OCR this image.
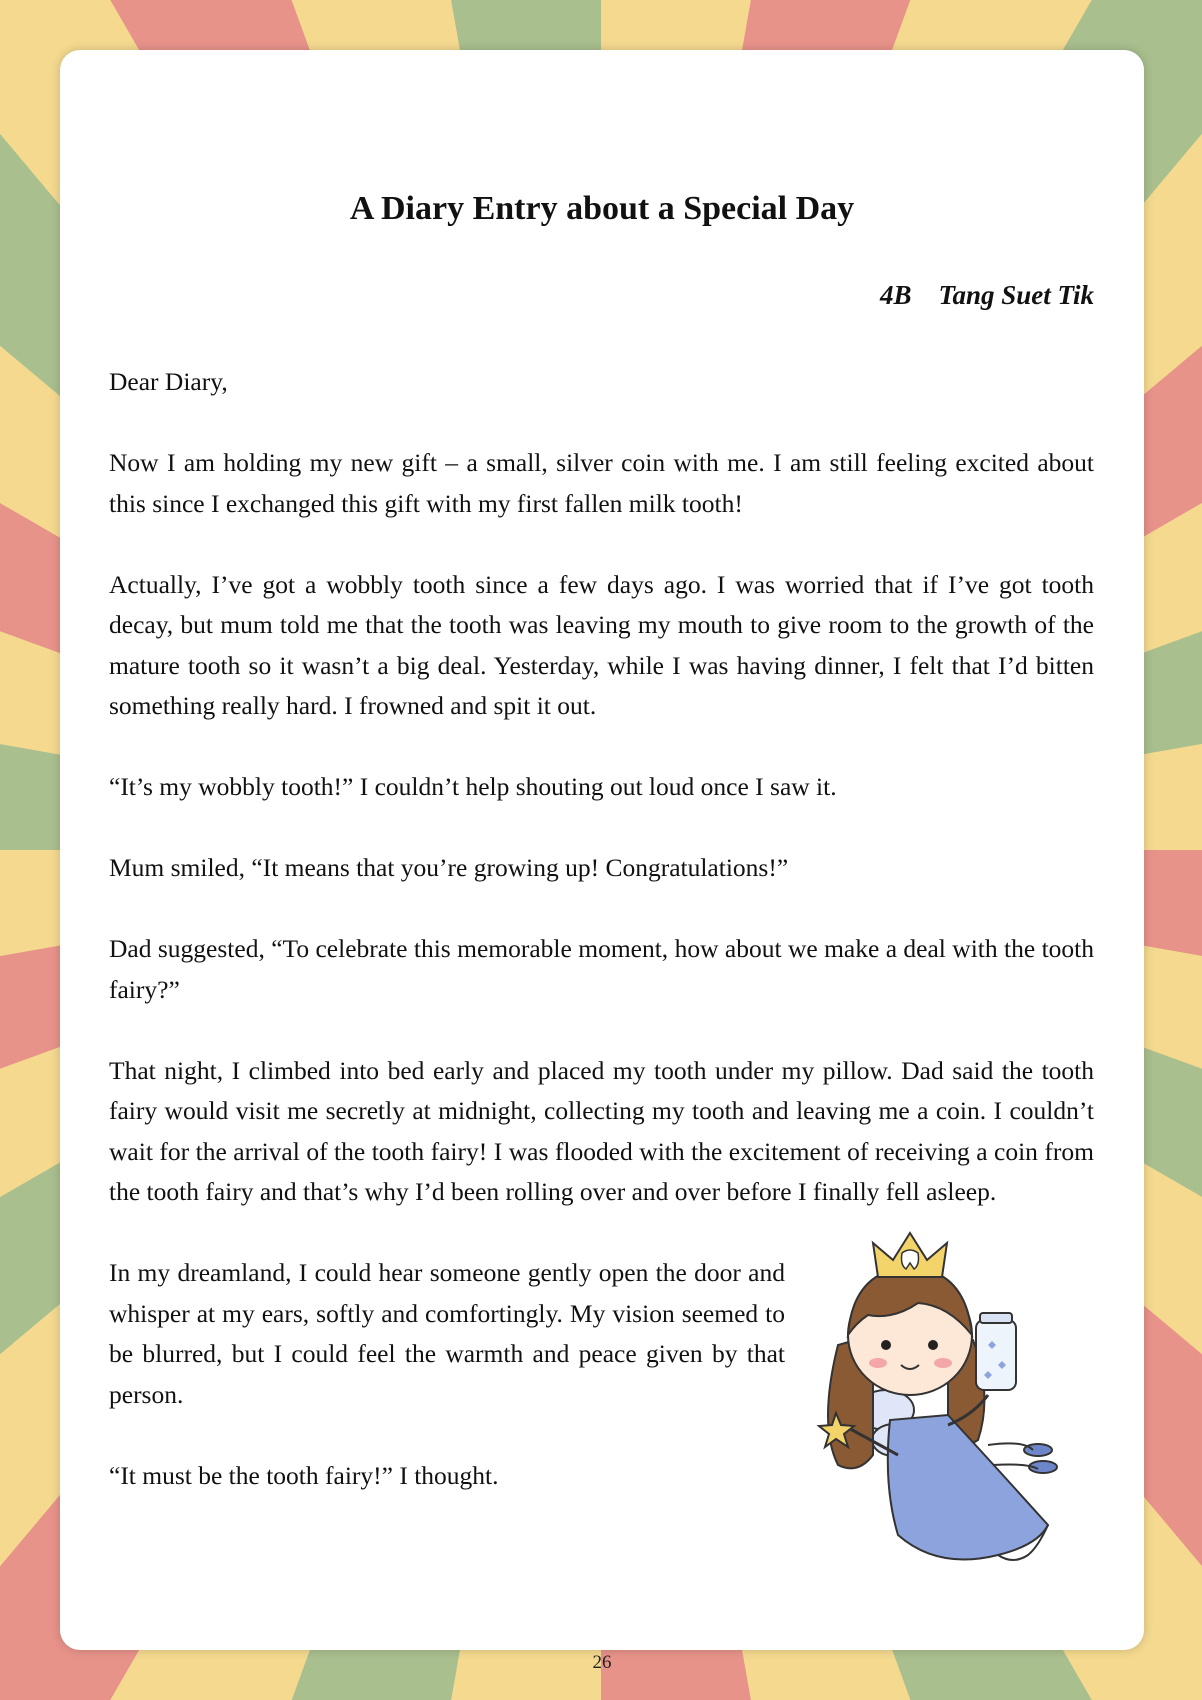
A Diary Entry about a Special Day

4B    Tang Suet Tik

Dear Diary,

Now I am holding my new gift – a small, silver coin with me. I am still feeling excited about this since I exchanged this gift with my first fallen milk tooth!

Actually, I’ve got a wobbly tooth since a few days ago. I was worried that if I’ve got tooth decay, but mum told me that the tooth was leaving my mouth to give room to the growth of the mature tooth so it wasn’t a big deal. Yesterday, while I was having dinner, I felt that I’d bitten something really hard. I frowned and spit it out.

“It’s my wobbly tooth!” I couldn’t help shouting out loud once I saw it.

Mum smiled, “It means that you’re growing up! Congratulations!”

Dad suggested, “To celebrate this memorable moment, how about we make a deal with the tooth fairy?”

That night, I climbed into bed early and placed my tooth under my pillow. Dad said the tooth fairy would visit me secretly at midnight, collecting my tooth and leaving me a coin. I couldn’t wait for the arrival of the tooth fairy! I was flooded with the excitement of receiving a coin from the tooth fairy and that’s why I’d been rolling over and over before I finally fell asleep.

In my dreamland, I could hear someone gently open the door and whisper at my ears, softly and comfortingly. My vision seemed to be blurred, but I could feel the warmth and peace given by that person.

“It must be the tooth fairy!” I thought.

26
